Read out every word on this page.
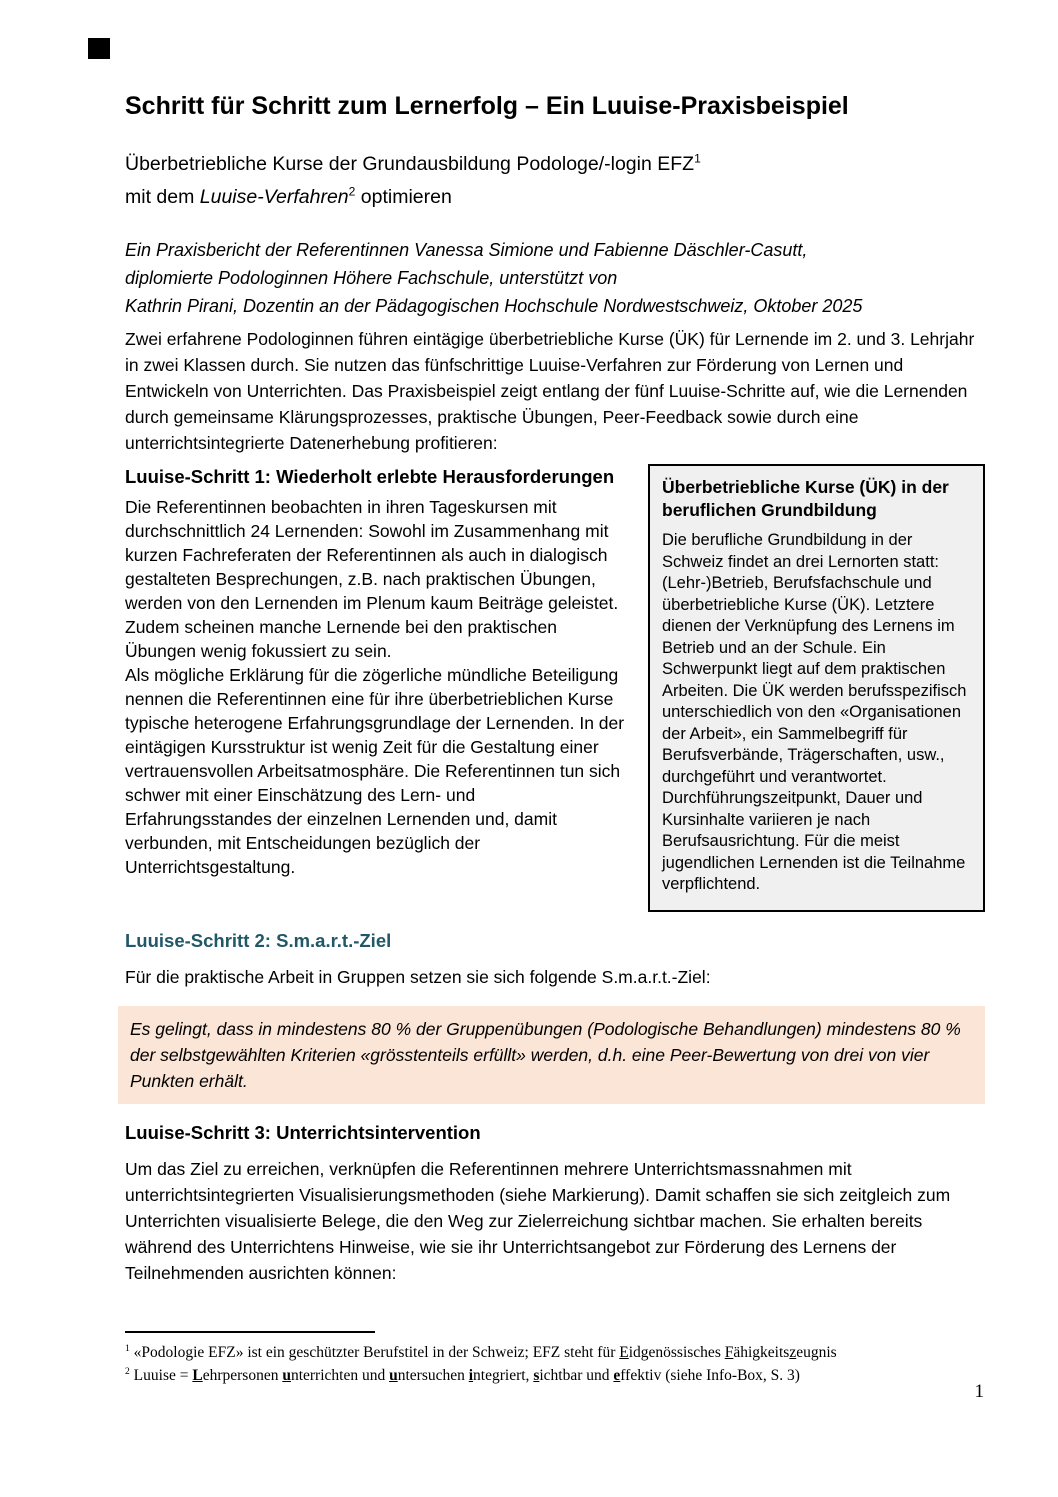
Schritt für Schritt zum Lernerfolg – Ein Luuise-Praxisbeispiel

Überbetriebliche Kurse der Grundausbildung Podologe/-login EFZ$^1$
mit dem Luuise-Verfahren$^2$ optimieren

Ein Praxisbericht der Referentinnen Vanessa Simione und Fabienne Däschler-Casutt,
diplomierte Podologinnen Höhere Fachschule, unterstützt von
Kathrin Pirani, Dozentin an der Pädagogischen Hochschule Nordwestschweiz, Oktober 2025

Zwei erfahrene Podologinnen führen eintägige überbetriebliche Kurse (ÜK) für Lernende im 2. und 3. Lehrjahr in zwei Klassen durch. Sie nutzen das fünfschrittige Luuise-Verfahren zur Förderung von Lernen und Entwickeln von Unterrichten. Das Praxisbeispiel zeigt entlang der fünf Luuise-Schritte auf, wie die Lernenden durch gemeinsame Klärungsprozesses, praktische Übungen, Peer-Feedback sowie durch eine unterrichtsintegrierte Datenerhebung profitieren:

Luuise-Schritt 1: Wiederholt erlebte Herausforderungen

Die Referentinnen beobachten in ihren Tageskursen mit durchschnittlich 24 Lernenden: Sowohl im Zusammenhang mit kurzen Fachreferaten der Referentinnen als auch in dialogisch gestalteten Besprechungen, z.B. nach praktischen Übungen, werden von den Lernenden im Plenum kaum Beiträge geleistet. Zudem scheinen manche Lernende bei den praktischen Übungen wenig fokussiert zu sein.

Als mögliche Erklärung für die zögerliche mündliche Beteiligung nennen die Referentinnen eine für ihre überbetrieblichen Kurse typische heterogene Erfahrungsgrundlage der Lernenden. In der eintägigen Kursstruktur ist wenig Zeit für die Gestaltung einer vertrauensvollen Arbeitsatmosphäre. Die Referentinnen tun sich schwer mit einer Einschätzung des Lern- und Erfahrungsstandes der einzelnen Lernenden und, damit verbunden, mit Entscheidungen bezüglich der Unterrichtsgestaltung.

Überbetriebliche Kurse (ÜK) in der beruflichen Grundbildung

Die berufliche Grundbildung in der Schweiz findet an drei Lernorten statt: (Lehr-)Betrieb, Berufsfachschule und überbetriebliche Kurse (ÜK). Letztere dienen der Verknüpfung des Lernens im Betrieb und an der Schule. Ein Schwerpunkt liegt auf dem praktischen Arbeiten. Die ÜK werden berufsspezifisch unterschiedlich von den «Organisationen der Arbeit», ein Sammelbegriff für Berufsverbände, Trägerschaften, usw., durchgeführt und verantwortet. Durchführungszeitpunkt, Dauer und Kursinhalte variieren je nach Berufsausrichtung. Für die meist jugendlichen Lernenden ist die Teilnahme verpflichtend.

Luuise-Schritt 2: S.m.a.r.t.-Ziel

Für die praktische Arbeit in Gruppen setzen sie sich folgende S.m.a.r.t.-Ziel:

Es gelingt, dass in mindestens 80 % der Gruppenübungen (Podologische Behandlungen) mindestens 80 % der selbstgewählten Kriterien «grösstenteils erfüllt» werden, d.h. eine Peer-Bewertung von drei von vier Punkten erhält.
Luuise-Schritt 3: Unterrichtsintervention

Um das Ziel zu erreichen, verknüpfen die Referentinnen mehrere Unterrichtsmassnahmen mit unterrichtsintegrierten Visualisierungsmethoden (siehe Markierung). Damit schaffen sie sich zeitgleich zum Unterrichten visualisierte Belege, die den Weg zur Zielerreichung sichtbar machen. Sie erhalten bereits während des Unterrichtens Hinweise, wie sie ihr Unterrichtsangebot zur Förderung des Lernens der Teilnehmenden ausrichten können:

$^1$ «Podologie EFZ» ist ein geschützter Berufstitel in der Schweiz; EFZ steht für Eidgenössisches Fähigkeitszeugnis

$^2$ Luuise = Lehrpersonen unterrichten und untersuchen integriert, sichtbar und effektiv (siehe Info-Box, S. 3)

1
